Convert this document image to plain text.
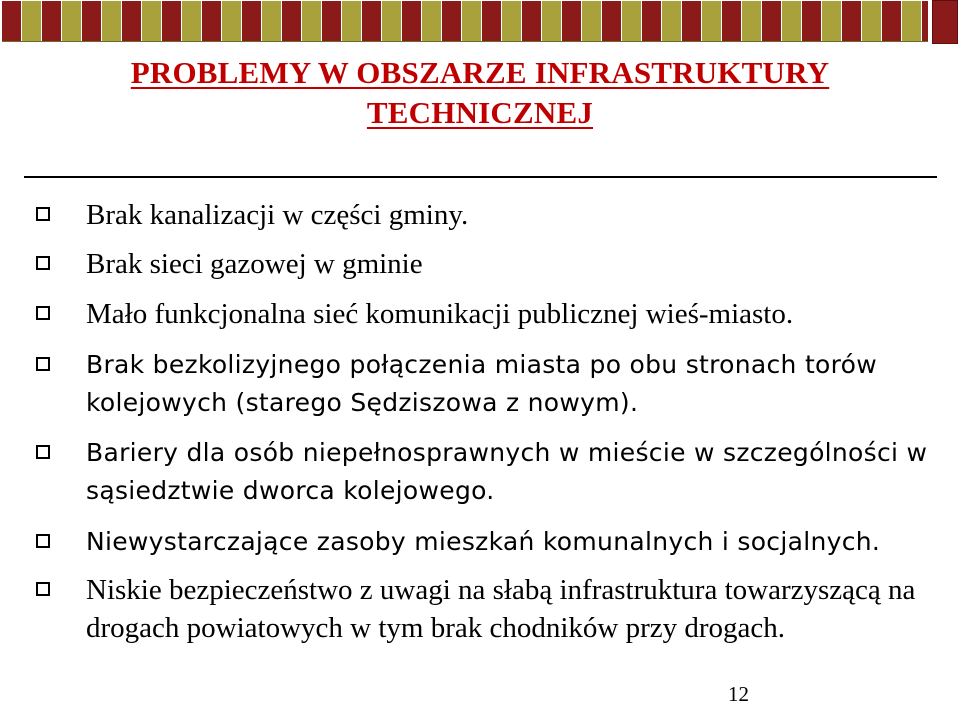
PROBLEMY W OBSZARZE INFRASTRUKTURY
TECHNICZNEJ
Brak kanalizacji w części gminy.
Brak sieci gazowej w gminie
Mało funkcjonalna sieć komunikacji publicznej wieś-miasto.
Brak bezkolizyjnego połączenia miasta po obu stronach torów kolejowych (starego Sędziszowa z nowym).
Bariery dla osób niepełnosprawnych w mieście w szczególności w sąsiedztwie dworca kolejowego.
Niewystarczające zasoby mieszkań komunalnych i socjalnych.
Niskie bezpieczeństwo z uwagi na słabą infrastruktura towarzyszącą na drogach powiatowych w tym brak chodników przy drogach.
12
